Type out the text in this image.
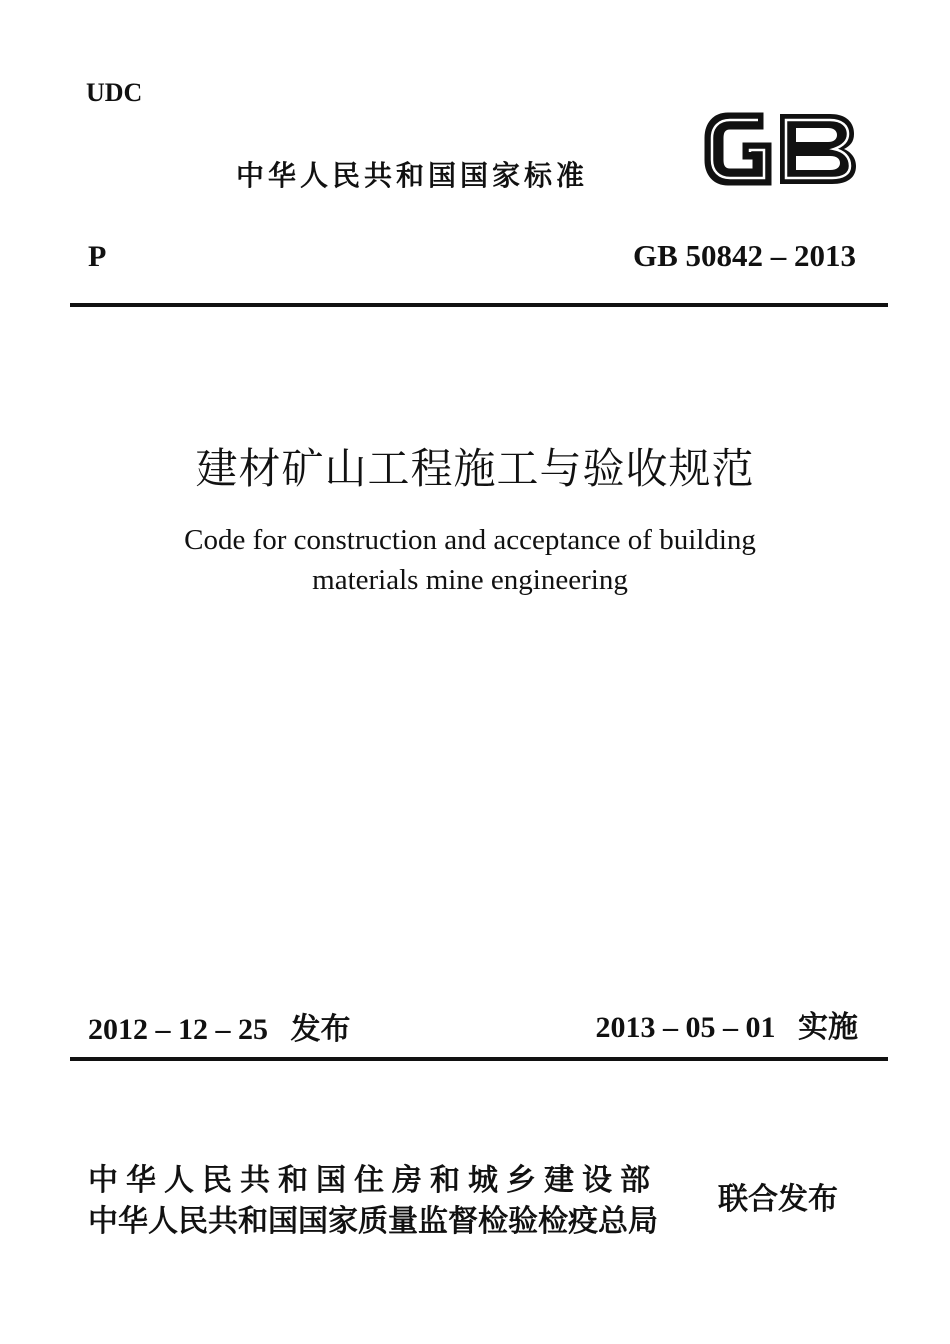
UDC
中华人民共和国国家标准
P	GB 50842 – 2013
建材矿山工程施工与验收规范
Code for construction and acceptance of building
materials mine engineering
2012 – 12 – 25 发布	2013 – 05 – 01 实施
中华人民共和国住房和城乡建设部
中华人民共和国国家质量监督检验检疫总局
联合发布
